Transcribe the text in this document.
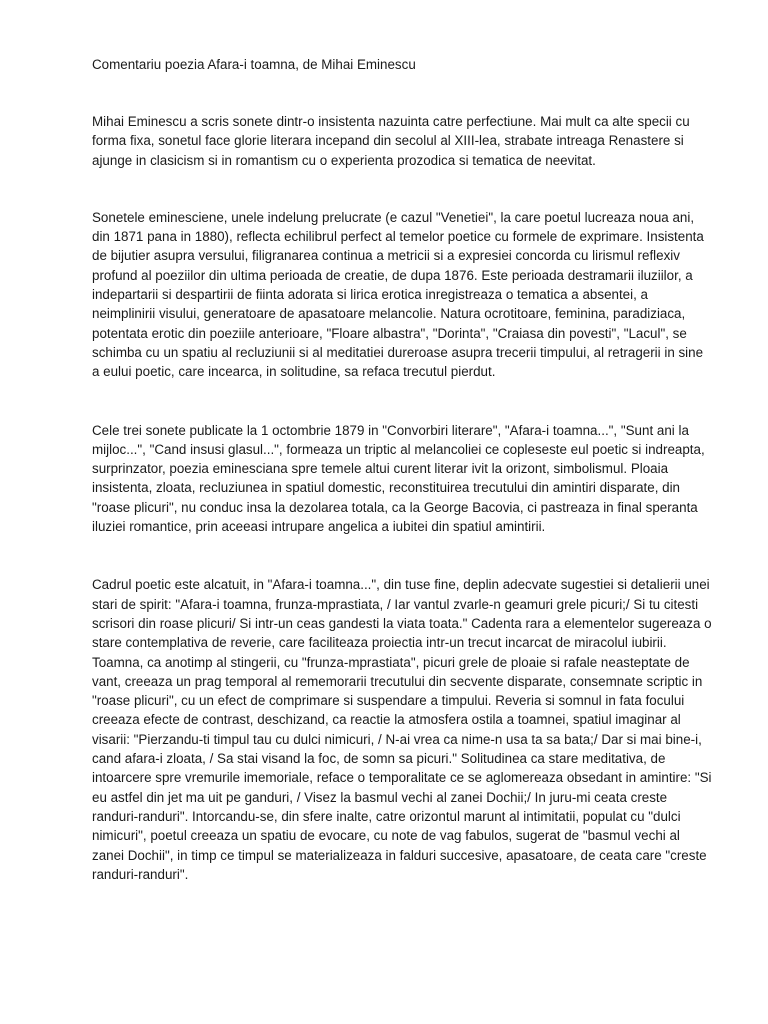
Comentariu poezia Afara-i toamna, de Mihai Eminescu

Mihai Eminescu a scris sonete dintr-o insistenta nazuinta catre perfectiune. Mai mult ca alte specii cu forma fixa, sonetul face glorie literara incepand din secolul al XIII-lea, strabate intreaga Renastere si ajunge in clasicism si in romantism cu o experienta prozodica si tematica de neevitat.

Sonetele eminesciene, unele indelung prelucrate (e cazul "Venetiei", la care poetul lucreaza noua ani, din 1871 pana in 1880), reflecta echilibrul perfect al temelor poetice cu formele de exprimare. Insistenta de bijutier asupra versului, filigranarea continua a metricii si a expresiei concorda cu lirismul reflexiv profund al poeziilor din ultima perioada de creatie, de dupa 1876. Este perioada destramarii iluziilor, a indepartarii si despartirii de fiinta adorata si lirica erotica inregistreaza o tematica a absentei, a neimplinirii visului, generatoare de apasatoare melancolie. Natura ocrotitoare, feminina, paradiziaca, potentata erotic din poeziile anterioare, "Floare albastra", "Dorinta", "Craiasa din povesti", "Lacul", se schimba cu un spatiu al recluziunii si al meditatiei dureroase asupra trecerii timpului, al retragerii in sine a eului poetic, care incearca, in solitudine, sa refaca trecutul pierdut.

Cele trei sonete publicate la 1 octombrie 1879 in "Convorbiri literare", "Afara-i toamna...", "Sunt ani la mijloc...", "Cand insusi glasul...", formeaza un triptic al melancoliei ce copleseste eul poetic si indreapta, surprinzator, poezia eminesciana spre temele altui curent literar ivit la orizont, simbolismul. Ploaia insistenta, zloata, recluziunea in spatiul domestic, reconstituirea trecutului din amintiri disparate, din "roase plicuri", nu conduc insa la dezolarea totala, ca la George Bacovia, ci pastreaza in final speranta iluziei romantice, prin aceeasi intrupare angelica a iubitei din spatiul amintirii.

Cadrul poetic este alcatuit, in "Afara-i toamna...", din tuse fine, deplin adecvate sugestiei si detalierii unei stari de spirit: "Afara-i toamna, frunza-mprastiata, / Iar vantul zvarle-n geamuri grele picuri;/ Si tu citesti scrisori din roase plicuri/ Si intr-un ceas gandesti la viata toata." Cadenta rara a elementelor sugereaza o stare contemplativa de reverie, care faciliteaza proiectia intr-un trecut incarcat de miracolul iubirii. Toamna, ca anotimp al stingerii, cu "frunza-mprastiata", picuri grele de ploaie si rafale neasteptate de vant, creeaza un prag temporal al rememorarii trecutului din secvente disparate, consemnate scriptic in "roase plicuri", cu un efect de comprimare si suspendare a timpului. Reveria si somnul in fata focului creeaza efecte de contrast, deschizand, ca reactie la atmosfera ostila a toamnei, spatiul imaginar al visarii: "Pierzandu-ti timpul tau cu dulci nimicuri, / N-ai vrea ca nime-n usa ta sa bata;/ Dar si mai bine-i, cand afara-i zloata, / Sa stai visand la foc, de somn sa picuri." Solitudinea ca stare meditativa, de intoarcere spre vremurile imemoriale, reface o temporalitate ce se aglomereaza obsedant in amintire: "Si eu astfel din jet ma uit pe ganduri, / Visez la basmul vechi al zanei Dochii;/ In juru-mi ceata creste randuri-randuri". Intorcandu-se, din sfere inalte, catre orizontul marunt al intimitatii, populat cu "dulci nimicuri", poetul creeaza un spatiu de evocare, cu note de vag fabulos, sugerat de "basmul vechi al zanei Dochii", in timp ce timpul se materializeaza in falduri succesive, apasatoare, de ceata care "creste randuri-randuri".
